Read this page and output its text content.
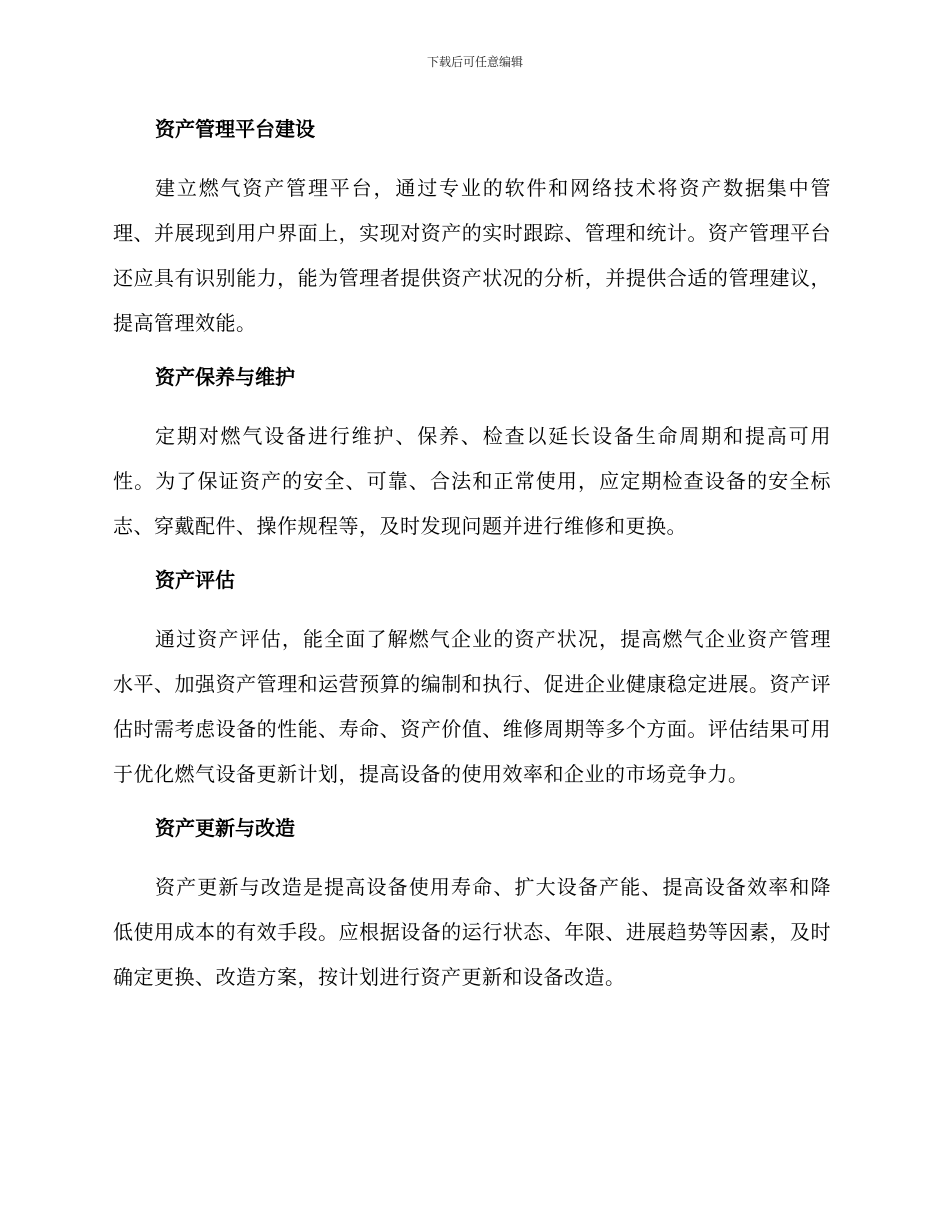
下载后可任意编辑
资产管理平台建设

建立燃气资产管理平台，通过专业的软件和网络技术将资产数据集中管理、并展现到用户界面上，实现对资产的实时跟踪、管理和统计。资产管理平台还应具有识别能力，能为管理者提供资产状况的分析，并提供合适的管理建议，提高管理效能。

资产保养与维护

定期对燃气设备进行维护、保养、检查以延长设备生命周期和提高可用性。为了保证资产的安全、可靠、合法和正常使用，应定期检查设备的安全标志、穿戴配件、操作规程等，及时发现问题并进行维修和更换。

资产评估

通过资产评估，能全面了解燃气企业的资产状况，提高燃气企业资产管理水平、加强资产管理和运营预算的编制和执行、促进企业健康稳定进展。资产评估时需考虑设备的性能、寿命、资产价值、维修周期等多个方面。评估结果可用于优化燃气设备更新计划，提高设备的使用效率和企业的市场竞争力。

资产更新与改造

资产更新与改造是提高设备使用寿命、扩大设备产能、提高设备效率和降低使用成本的有效手段。应根据设备的运行状态、年限、进展趋势等因素，及时确定更换、改造方案，按计划进行资产更新和设备改造。
